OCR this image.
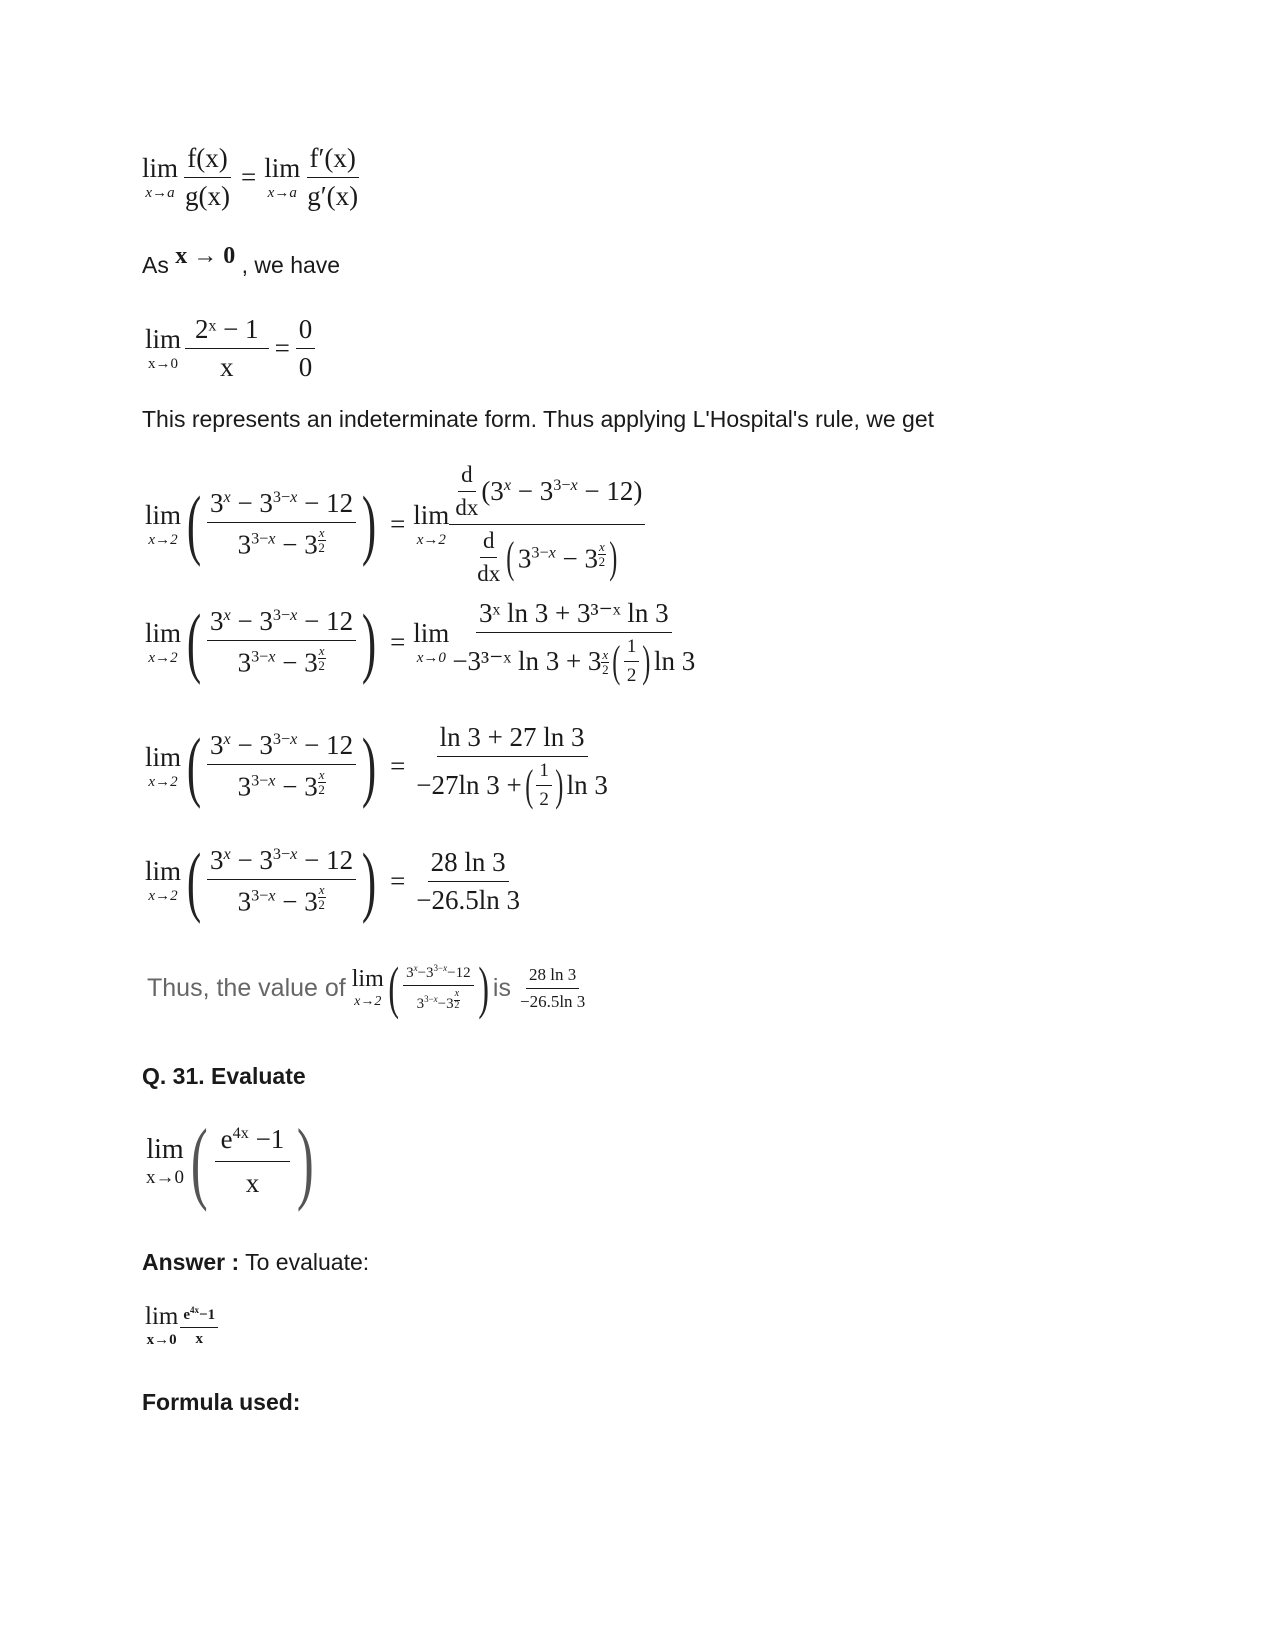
lim
$x\to a \frac{f(x)}{g(x)} = \lim$
$x\to a \frac{f'(x)}{g'(x)}$
As x → 0 , we have
lim
$x\to 0 \frac{\text{2ˣ − 1}}{x} = \frac{0}{0}$
This represents an indeterminate form. Thus applying L'Hospital's rule, we get
lim
x→2 ( $3^x - 3^{3-x} - 12$
$3^{3-x} - 3$ $^{\frac{x}{2}}$ ) = lim
$x\to 2 \frac{d}{dx} (3^x - 3^{3-x} - 12)$
$\frac{d}{dx}$ ( $3^{3-x} - 3$ $^{\frac{x}{2}}$ )
lim
x→2 ( $3^x - 3^{3-x} - 12$
$3^{3-x} - 3$ $^{\frac{x}{2}}$ ) = lim
$x\to 0 \frac{\text{3ˣ ln 3 + 3³⁻ˣ ln 3}}{-3^{3-}ˣ \ln 3 + 3 \frac{x}{2} ( \frac{1}{2} ) \ln 3}$
lim
x→2 ( $3^x - 3^{3-x} - 12$
$3^{3-x} - 3$ $^{\frac{x}{2}}$ ) = $\frac{\ln 3 + 27 \ln 3}{-27\ln 3 + ( \frac{1}{2} ) \ln 3}$
lim
x→2 ( $3^x - 3^{3-x} - 12$
$3^{3-x} - 3$ $^{\frac{x}{2}}$ ) = $\frac{28 \ln 3}{-26.5\ln 3}$
Thus, the value of lim
x→2 ( $3^x-3^{3-x}-12$
$3^{3-x}-3$ $^{\frac{x}{2}}$ ) is $\frac{28 \ln 3}{-26.5\ln 3}$
Q. 31. Evaluate
lim
x→0 ( $\frac{e^{4x} -1}{x}$ )
Answer : To evaluate:
lim
$x\to 0 \frac{e^{4x}-1}{x}$
Formula used:
